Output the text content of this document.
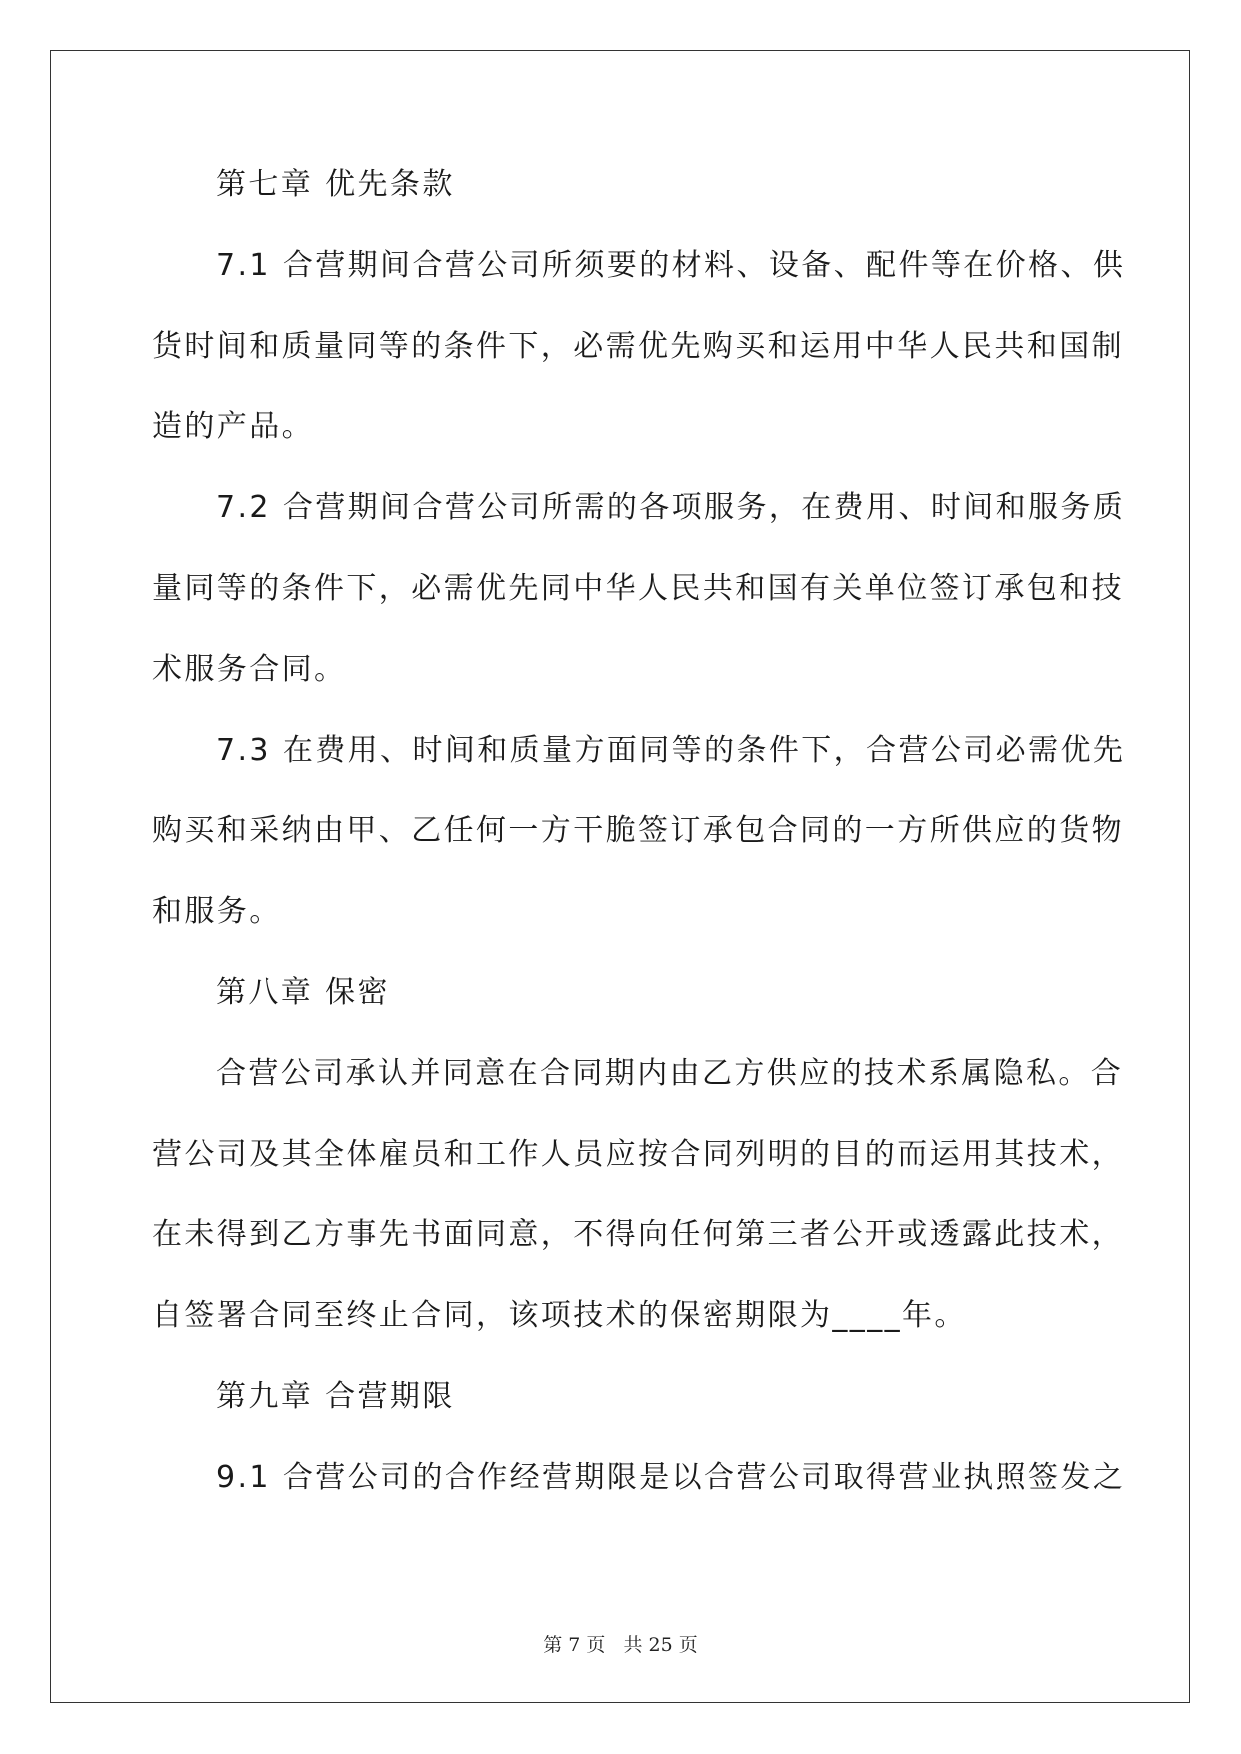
第七章 优先条款
7.1 合营期间合营公司所须要的材料、设备、配件等在价格、供
货时间和质量同等的条件下，必需优先购买和运用中华人民共和国制
造的产品。
7.2 合营期间合营公司所需的各项服务，在费用、时间和服务质
量同等的条件下，必需优先同中华人民共和国有关单位签订承包和技
术服务合同。
7.3 在费用、时间和质量方面同等的条件下，合营公司必需优先
购买和采纳由甲、乙任何一方干脆签订承包合同的一方所供应的货物
和服务。
第八章 保密
合营公司承认并同意在合同期内由乙方供应的技术系属隐私。合
营公司及其全体雇员和工作人员应按合同列明的目的而运用其技术，
在未得到乙方事先书面同意，不得向任何第三者公开或透露此技术，
自签署合同至终止合同，该项技术的保密期限为____年。
第九章 合营期限
9.1 合营公司的合作经营期限是以合营公司取得营业执照签发之
第 7 页 共 25 页
